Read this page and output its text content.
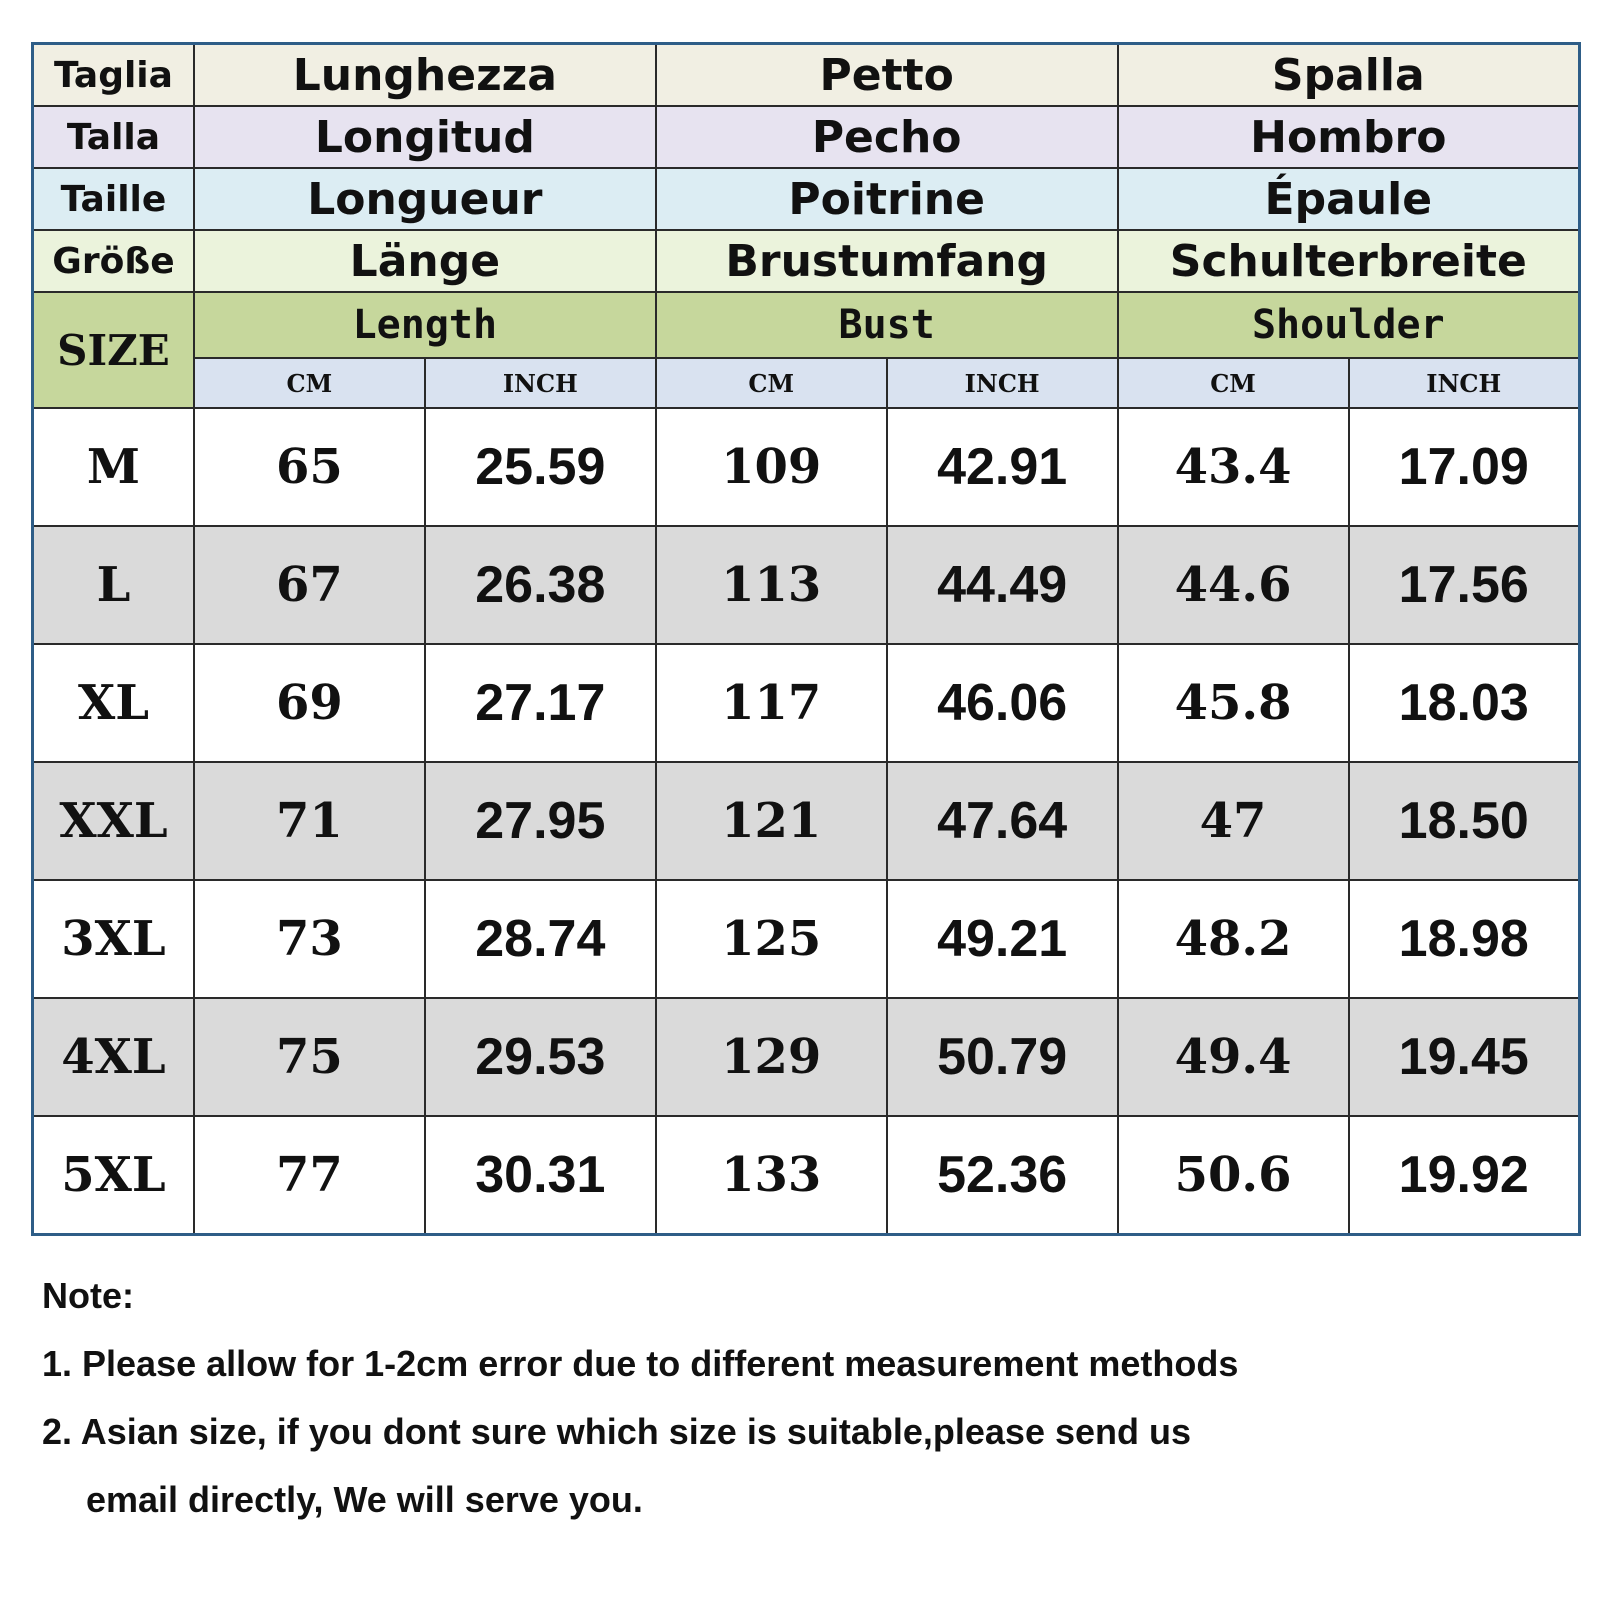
Taglia	Lunghezza		Petto		Spalla	
Talla	Longitud		Pecho		Hombro	
Taille	Longueur		Poitrine		Épaule	
Größe	Länge		Brustumfang		Schulterbreite	
SIZE	Length		Bust		Shoulder	
	CM	INCH	CM	INCH	CM	INCH
M	65	25.59	109	42.91	43.4	17.09
L	67	26.38	113	44.49	44.6	17.56
XL	69	27.17	117	46.06	45.8	18.03
XXL	71	27.95	121	47.64	47	18.50
3XL	73	28.74	125	49.21	48.2	18.98
4XL	75	29.53	129	50.79	49.4	19.45
5XL	77	30.31	133	52.36	50.6	19.92
Note:
1. Please allow for 1-2cm error due to different measurement methods
2. Asian size, if you dont sure which size is suitable,please send us
email directly, We will serve you.
